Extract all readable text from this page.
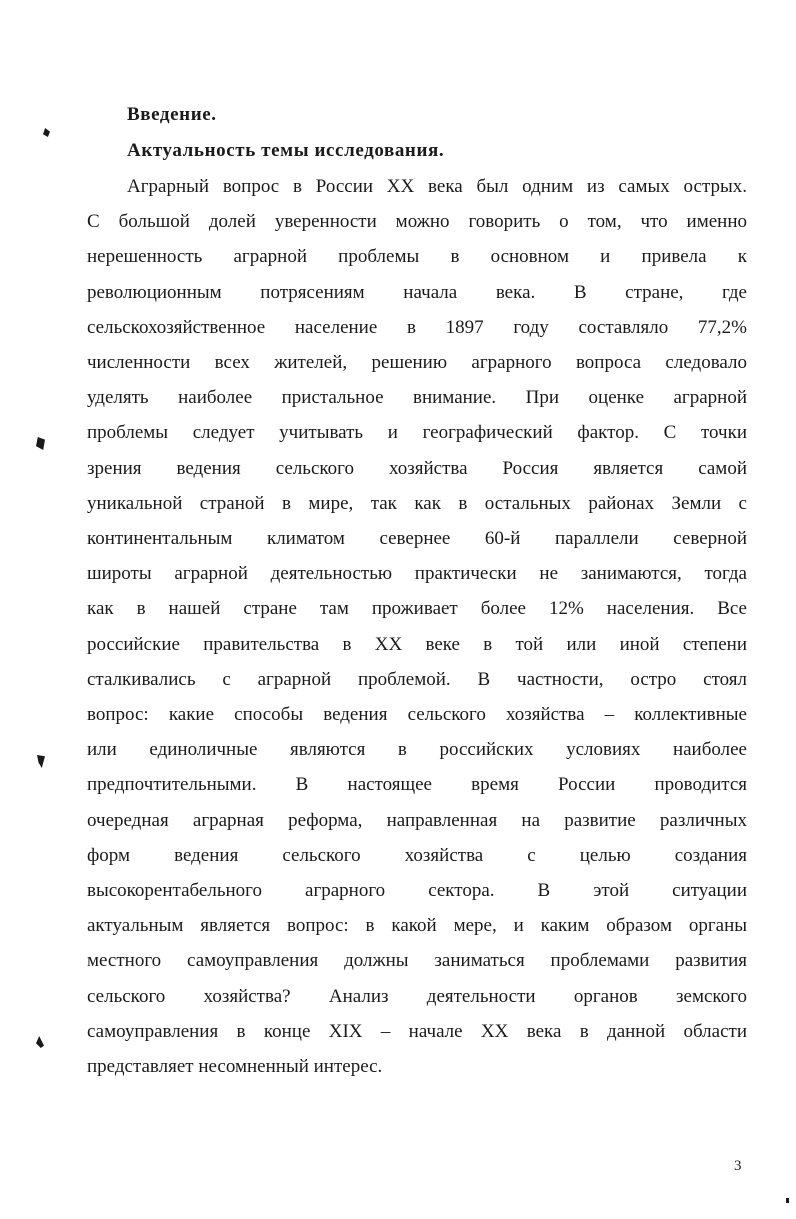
Введение.
Актуальность темы исследования.
Аграрный вопрос в России XX века был одним из самых острых.
С большой долей уверенности можно говорить о том, что именно
нерешенность аграрной проблемы в основном и привела к
революционным потрясениям начала века. В стране, где
сельскохозяйственное население в 1897 году составляло 77,2%
численности всех жителей, решению аграрного вопроса следовало
уделять наиболее пристальное внимание. При оценке аграрной
проблемы следует учитывать и географический фактор. С точки
зрения ведения сельского хозяйства Россия является самой
уникальной страной в мире, так как в остальных районах Земли с
континентальным климатом севернее 60-й параллели северной
широты аграрной деятельностью практически не занимаются, тогда
как в нашей стране там проживает более 12% населения. Все
российские правительства в XX веке в той или иной степени
сталкивались с аграрной проблемой. В частности, остро стоял
вопрос: какие способы ведения сельского хозяйства – коллективные
или единоличные являются в российских условиях наиболее
предпочтительными. В настоящее время России проводится
очередная аграрная реформа, направленная на развитие различных
форм ведения сельского хозяйства с целью создания
высокорентабельного аграрного сектора. В этой ситуации
актуальным является вопрос: в какой мере, и каким образом органы
местного самоуправления должны заниматься проблемами развития
сельского хозяйства? Анализ деятельности органов земского
самоуправления в конце XIX – начале XX века в данной области
представляет несомненный интерес.
3
